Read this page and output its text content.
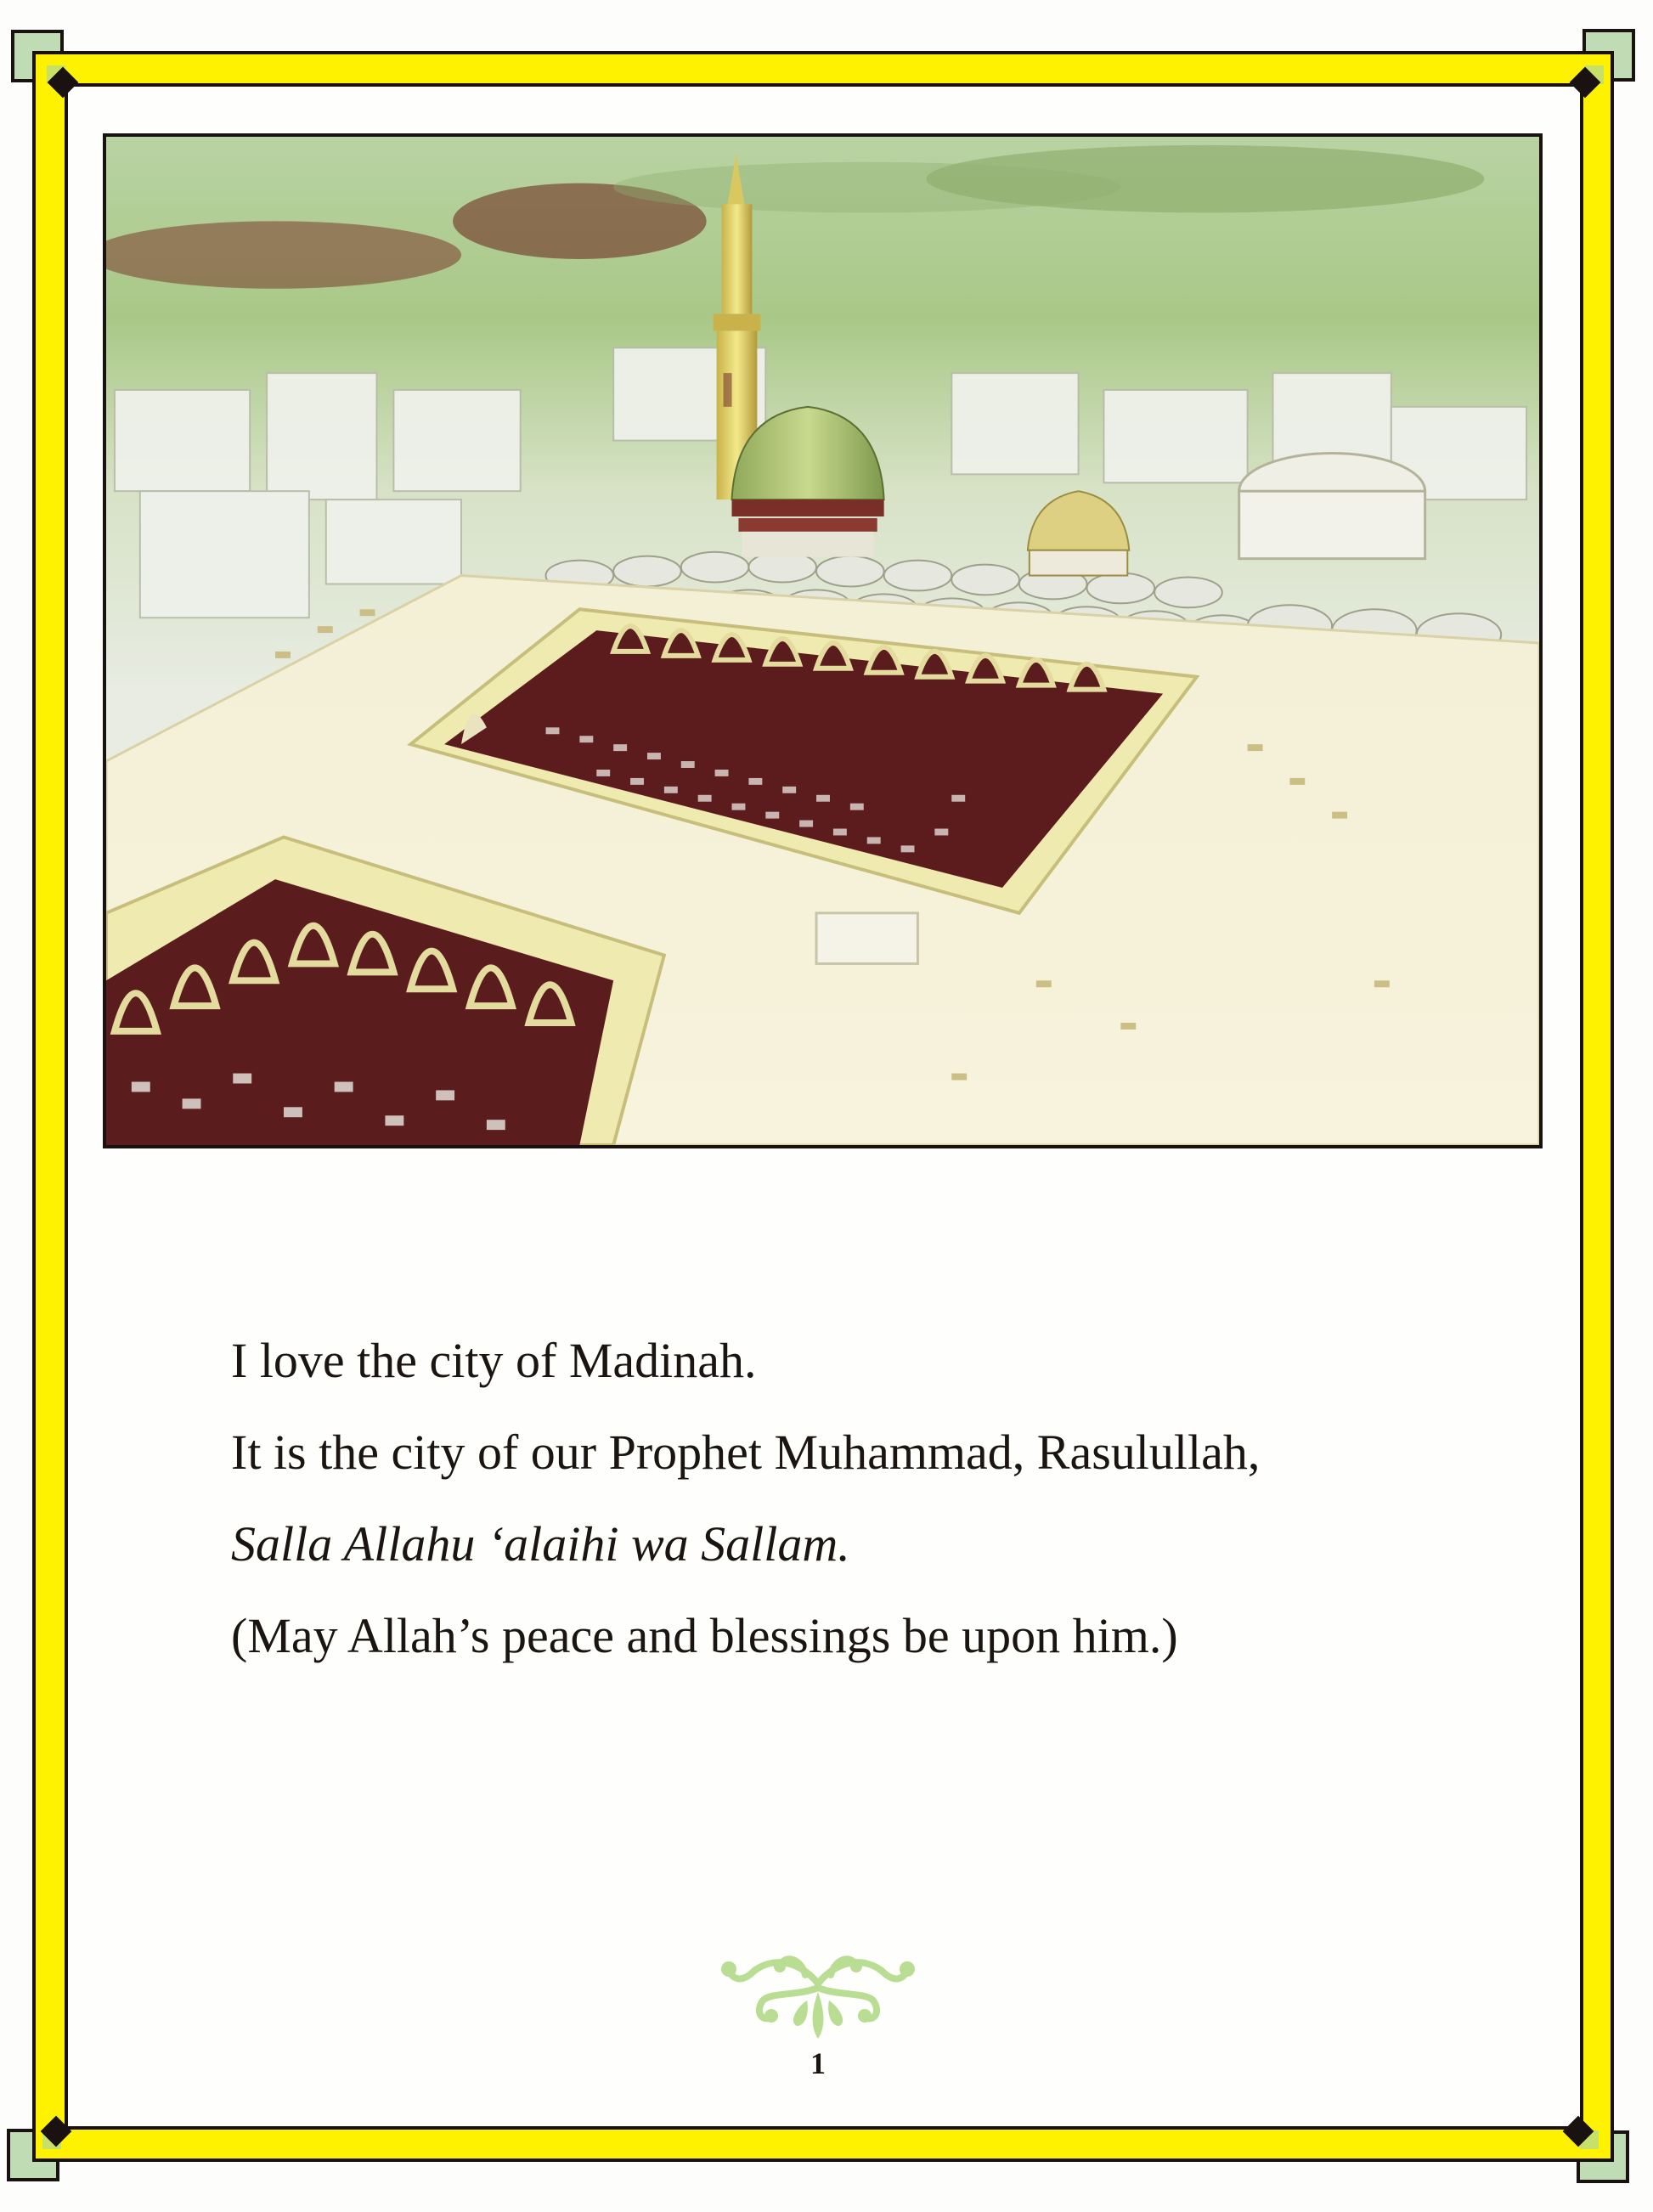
I love the city of Madinah.
It is the city of our Prophet Muhammad, Rasulullah,
Salla Allahu ‘alaihi wa Sallam.
(May Allah’s peace and blessings be upon him.)
1
